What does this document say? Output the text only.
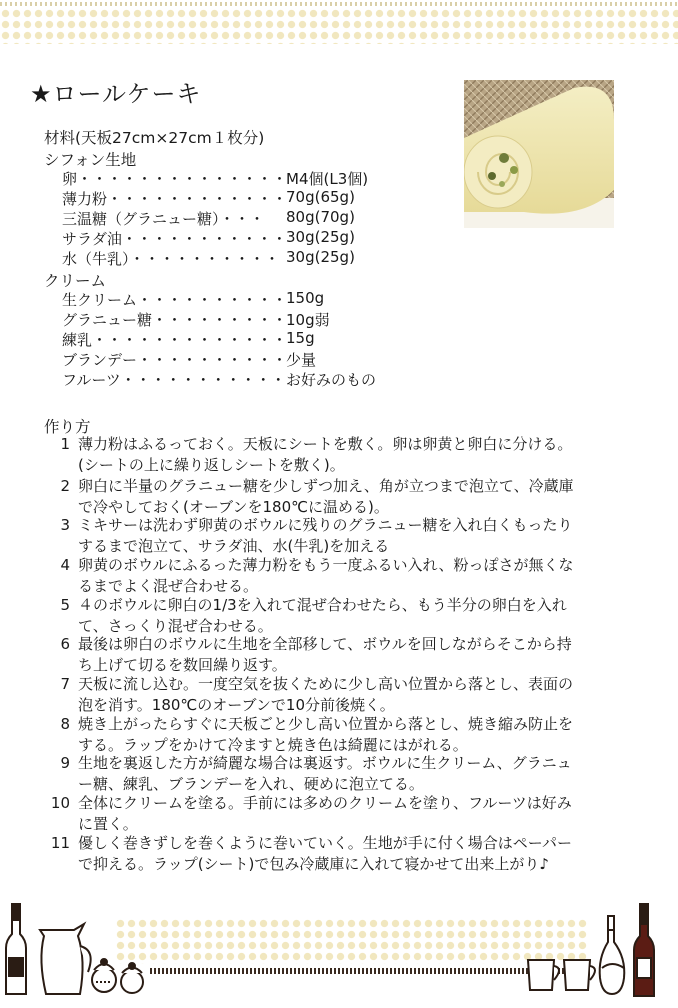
★ロールケーキ
材料(天板27cm×27cm１枚分)
シフォン生地
卵・・・・・・・・・・・・・・
M4個(L3個)
薄力粉・・・・・・・・・・・・
70g(65g)
三温糖（グラニュー糖）・・・ 80g(70g)
サラダ油・・・・・・・・・・・ 30g(25g)
水（牛乳）・・・・・・・・・・ 30g(25g)
クリーム
生クリーム・・・・・・・・・・
150g
グラニュー糖・・・・・・・・・
10g弱
練乳・・・・・・・・・・・・・
15g
ブランデー・・・・・・・・・・
少量
フルーツ・・・・・・・・・・・ お好みのもの
作り方
1 薄力粉はふるっておく。天板にシートを敷く。卵は卵黄と卵白に分ける。
(シートの上に繰り返しシートを敷く)。
2 卵白に半量のグラニュー糖を少しずつ加え、角が立つまで泡立て、冷蔵庫
で冷やしておく(オーブンを180℃に温める)。
3 ミキサーは洗わず卵黄のボウルに残りのグラニュー糖を入れ白くもったり
するまで泡立て、サラダ油、水(牛乳)を加える
4 卵黄のボウルにふるった薄力粉をもう一度ふるい入れ、粉っぽさが無くな
るまでよく混ぜ合わせる。
5 ４のボウルに卵白の1/3を入れて混ぜ合わせたら、もう半分の卵白を入れ
て、さっくり混ぜ合わせる。
6 最後は卵白のボウルに生地を全部移して、ボウルを回しながらそこから持
ち上げて切るを数回繰り返す。
7 天板に流し込む。一度空気を抜くために少し高い位置から落とし、表面の
泡を消す。180℃のオーブンで10分前後焼く。
8 焼き上がったらすぐに天板ごと少し高い位置から落とし、焼き縮み防止を
する。ラップをかけて冷ますと焼き色は綺麗にはがれる。
9 生地を裏返した方が綺麗な場合は裏返す。ボウルに生クリーム、グラニュ
ー糖、練乳、ブランデーを入れ、硬めに泡立てる。
10 全体にクリームを塗る。手前には多めのクリームを塗り、フルーツは好み
に置く。
11 優しく巻きずしを巻くように巻いていく。生地が手に付く場合はペーパー
で抑える。ラップ(シート)で包み冷蔵庫に入れて寝かせて出来上がり♪
